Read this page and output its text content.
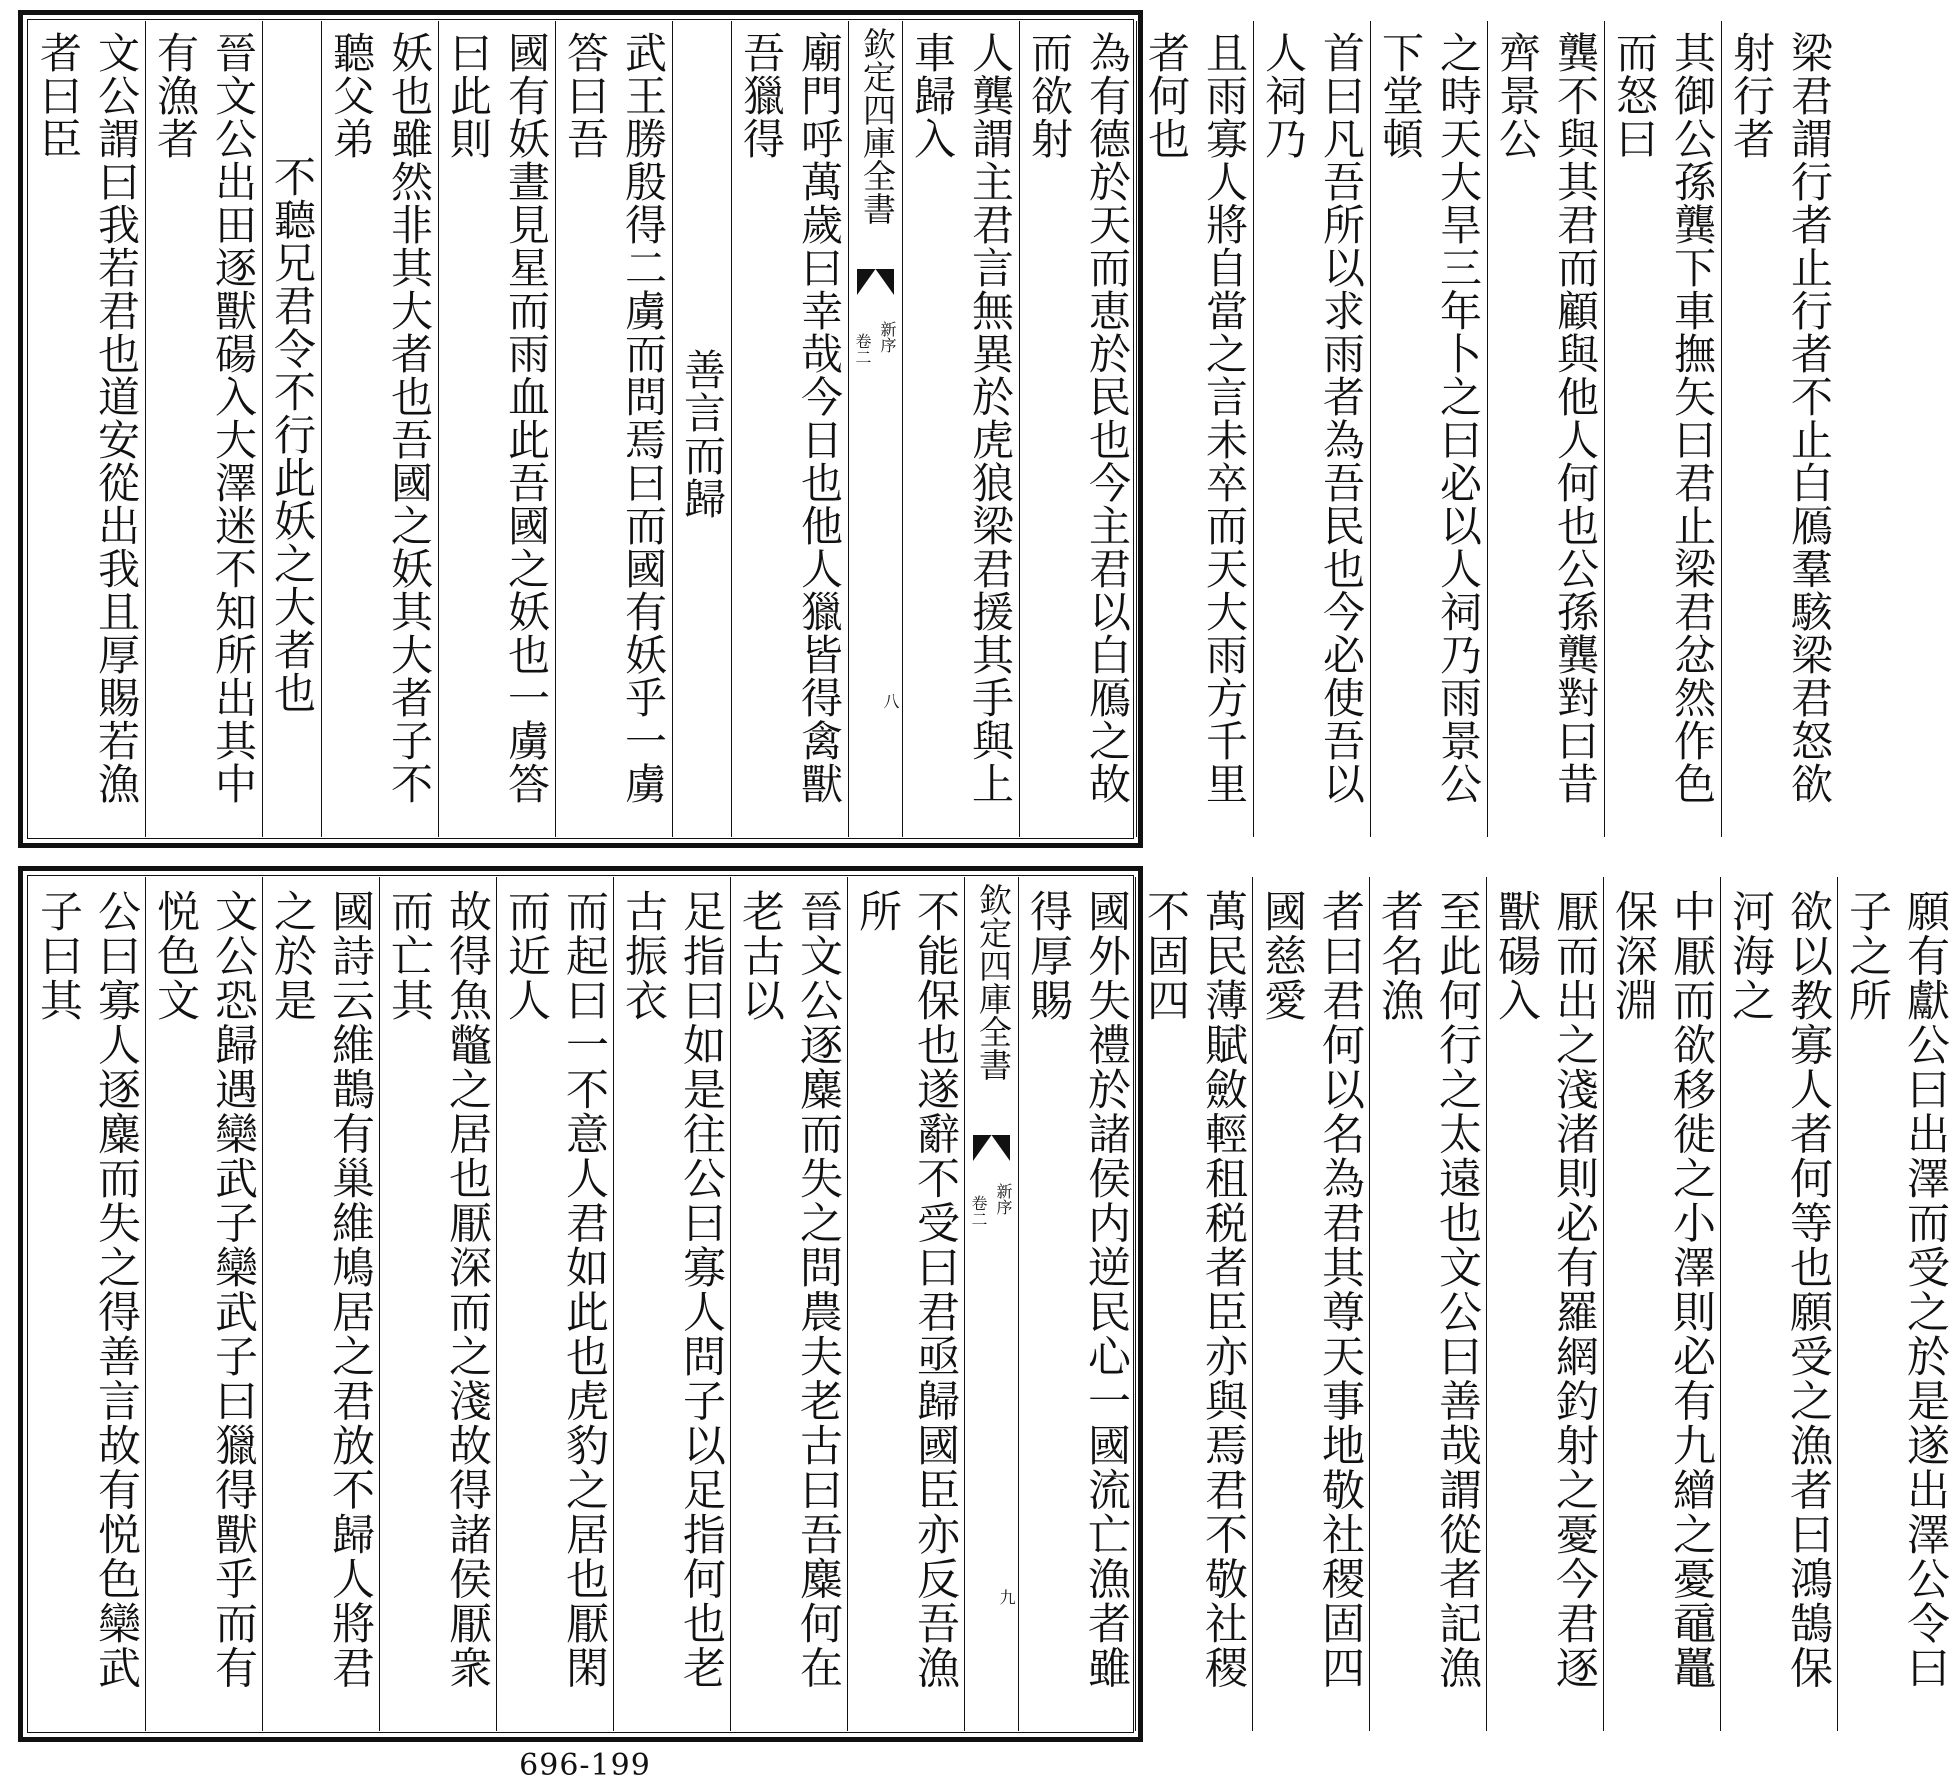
文公謂曰我若君也道安從出我且厚賜若漁者曰臣	晉文公出田逐獸碭入大澤迷不知所出其中有漁者
不聽兄君令不行此妖之大者也	妖也雖然非其大者也吾國之妖其大者子不聽父弟	國有妖晝見星而雨血此吾國之妖也一虜答曰此則	武王勝殷得二虜而問焉曰而國有妖乎一虜答曰吾
善言而歸	廟門呼萬歲曰幸哉今日也他人獵皆得禽獸吾獵得	欽定四庫全書
新序
卷二
八	人龔謂主君言無異於虎狼梁君援其手與上車歸入	為有德於天而恵於民也今主君以白鴈之故而欲射	且雨寡人將自當之言未卒而天大雨方千里者何也	首曰凡吾所以求雨者為吾民也今必使吾以人祠乃	之時天大旱三年卜之曰必以人祠乃雨景公下堂頓	龔不與其君而顧與他人何也公孫龔對曰昔齊景公	其御公孫龔下車撫矢曰君止梁君忿然作色而怒曰	梁君謂行者止行者不止白鴈羣駭梁君怒欲射行者
公曰寡人逐麋而失之得善言故有悦色欒武子曰其	文公恐歸遇欒武子欒武子曰獵得獸乎而有悦色文	國詩云維鵲有巢維鳩居之君放不歸人將君之於是	故得魚鼈之居也厭深而之淺故得諸侯厭衆而亡其	而起曰一不意人君如此也虎豹之居也厭閑而近人	足指曰如是往公曰寡人問子以足指何也老古振衣	晉文公逐麋而失之問農夫老古曰吾麋何在老古以	不能保也遂辭不受曰君亟歸國臣亦反吾漁所	欽定四庫全書
新序
卷二
九	國外失禮於諸侯内逆民心一國流亡漁者雖得厚賜	萬民薄賦斂輕租税者臣亦與焉君不敬社稷不固四	者曰君何以名為君其尊天事地敬社稷固四國慈愛	至此何行之太遠也文公曰善哉謂從者記漁者名漁	厭而出之淺渚則必有羅網釣射之憂今君逐獸碭入	中厭而欲移徙之小澤則必有九繒之憂黿鼉保深淵	欲以教寡人者何等也願受之漁者曰鴻鵠保河海之	願有獻公曰出澤而受之於是遂出澤公令曰子之所
696-199
